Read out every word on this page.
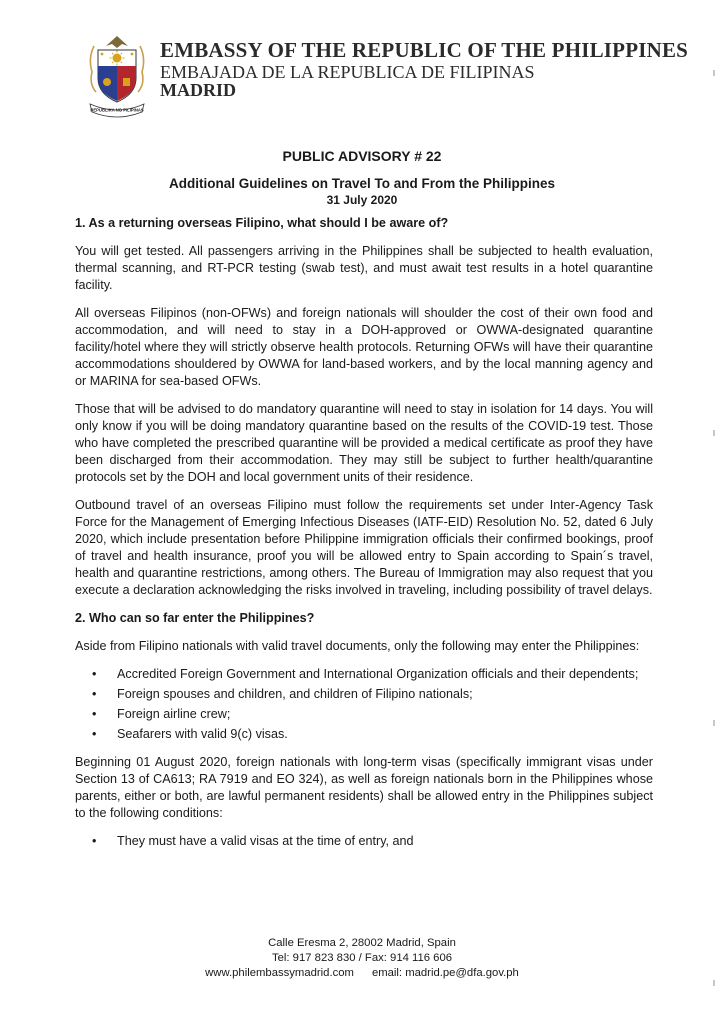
REPUBLIKA NG PILIPINAS
EMBASSY OF THE REPUBLIC OF THE PHILIPPINES
EMBAJADA DE LA REPUBLICA DE FILIPINAS
MADRID
PUBLIC ADVISORY # 22
Additional Guidelines on Travel To and From the Philippines
31 July 2020
1. As a returning overseas Filipino, what should I be aware of?

You will get tested. All passengers arriving in the Philippines shall be subjected to health evaluation, thermal scanning, and RT-PCR testing (swab test), and must await test results in a hotel quarantine facility.

All overseas Filipinos (non-OFWs) and foreign nationals will shoulder the cost of their own food and accommodation, and will need to stay in a DOH-approved or OWWA-designated quarantine facility/hotel where they will strictly observe health protocols. Returning OFWs will have their quarantine accommodations shouldered by OWWA for land-based workers, and by the local manning agency and or MARINA for sea-based OFWs.

Those that will be advised to do mandatory quarantine will need to stay in isolation for 14 days. You will only know if you will be doing mandatory quarantine based on the results of the COVID-19 test. Those who have completed the prescribed quarantine will be provided a medical certificate as proof they have been discharged from their accommodation. They may still be subject to further health/quarantine protocols set by the DOH and local government units of their residence.

Outbound travel of an overseas Filipino must follow the requirements set under Inter-Agency Task Force for the Management of Emerging Infectious Diseases (IATF-EID) Resolution No. 52, dated 6 July 2020, which include presentation before Philippine immigration officials their confirmed bookings, proof of travel and health insurance, proof you will be allowed entry to Spain according to Spain´s travel, health and quarantine restrictions, among others. The Bureau of Immigration may also request that you execute a declaration acknowledging the risks involved in traveling, including possibility of travel delays.

2. Who can so far enter the Philippines?

Aside from Filipino nationals with valid travel documents, only the following may enter the Philippines:

• Accredited Foreign Government and International Organization officials and their dependents;
• Foreign spouses and children, and children of Filipino nationals;
• Foreign airline crew;
• Seafarers with valid 9(c) visas.

Beginning 01 August 2020, foreign nationals with long-term visas (specifically immigrant visas under Section 13 of CA613; RA 7919 and EO 324), as well as foreign nationals born in the Philippines whose parents, either or both, are lawful permanent residents) shall be allowed entry in the Philippines subject to the following conditions:

• They must have a valid visas at the time of entry, and
Calle Eresma 2, 28002 Madrid, Spain
Tel: 917 823 830 / Fax: 914 116 606
www.philembassymadrid.com email: madrid.pe@dfa.gov.ph
